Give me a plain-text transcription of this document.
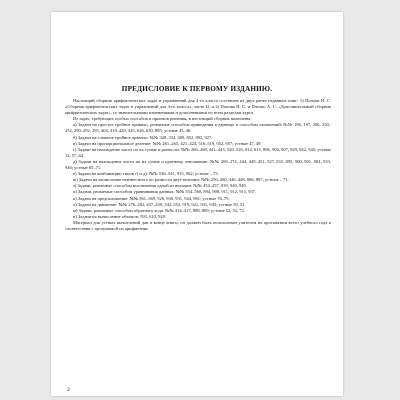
ПРЕДИСЛОВИЕ К ПЕРВОМУ ИЗДАНИЮ.

Настоящий сборник арифметических задач и упражнений для 4-го класса составлен из двух ранее изданных книг: 1) Попова Н. С. «Сборник арифметических задач и упражнений для 4-го класса», часть II, и 2) Попова Н. С. и Пчелко А. С. «Дополнительный сборник арифметических задач», со значительными изменениями и дополнениями по всем разделам курса.

Из задач, требующих особых способов и приемов решения, в настоящий сборник включены:

а) Задачи на простое тройное правило, решаемые способом приведения к единице и способом отношений: №№ 196, 197, 200, 250–252, 290–292, 295, 404, 418–420, 425, 626–630, 885; устные 43–46.

б) Задачи на сложное тройное правило: №№ 328–334, 409, 852, 893, 927.

в) Задачи на пропорциональное деление: №№ 261–265, 421–424, 516–519, 952, 957; устные 47, 48.

г) Задачи на нахождение чисел по их сумме и разности: №№ 266–268, 441–443, 520–526, 614, 615, 896, 902, 907, 929, 942, 945; устные 12, 57–64.

д) Задачи на нахождение чисел по их сумме и кратному отношению: №№ 269–274, 444, 449–451, 527–533, 895, 900, 901, 904, 933, 946; устные 65–71.

е) Задачи на комбинацию типов г) и д): №№ 536–541, 935, 962; устные – 73.

ж) Задачи на вычисление неизвестного по разности двух величин: №№ 256–260, 446–448, 886, 887; устные – 71.

з) Задачи, решаемые способом исключения одной из величин: №№ 454–457, 939, 940, 949.

и) Задачи, решаемые способом уравнивания данных: №№ 554–560, 894, 908, 911, 912, 915, 937.

к) Задачи на предположение: №№ 561–569, 928, 930, 931, 944, 961; устные 76–79.

л) Задачи на движение: №№ 276–282, 437–439, 542–553, 919, 921, 941, 943; устные 50, 51.

м) Задачи, решаемые способом обратного хода: №№ 414–417, 888, 889; устные 52, 53, 72.

н) Задачи на вычисление объемов: 593–610, 929.

Материал для устных вычислений дан в конце книги; он должен быть использован учителем на протяжении всего учебного года в соответствии с программой по арифметике.

2
